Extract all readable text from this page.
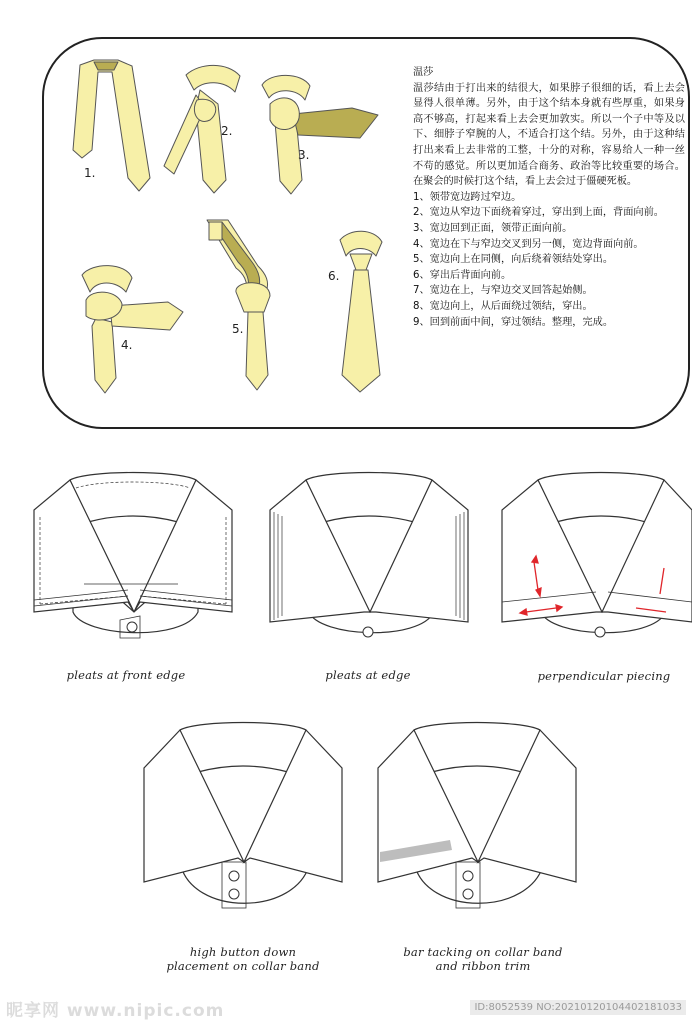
1.
2.
3.
4.
5.
6.
温莎
温莎结由于打出来的结很大，如果脖子很细的话，看上去会显得人很单薄。另外，由于这个结本身就有些厚重，如果身高不够高，打起来看上去会更加敦实。所以一个子中等及以下、细脖子窄腕的人，不适合打这个结。另外，由于这种结打出来看上去非常的工整，十分的对称，容易给人一种一丝不苟的感觉。所以更加适合商务、政治等比较重要的场合。在聚会的时候打这个结，看上去会过于僵硬死板。
1、领带宽边跨过窄边。
2、宽边从窄边下面绕着穿过，穿出到上面，背面向前。
3、宽边回到正面，领带正面向前。
4、宽边在下与窄边交叉到另一侧，宽边背面向前。
5、宽边向上在同侧，向后绕着领结处穿出。
6、穿出后背面向前。
7、宽边在上，与窄边交叉回答起始侧。
8、宽边向上，从后面绕过领结，穿出。
9、回到前面中间，穿过领结。整理，完成。
pleats at front edge	pleats at edge	perpendicular piecing
high button down placement on collar band
bar tacking on collar band and ribbon trim
昵享网 www.nipic.com	ID:8052539 NO:20210120104402181033
